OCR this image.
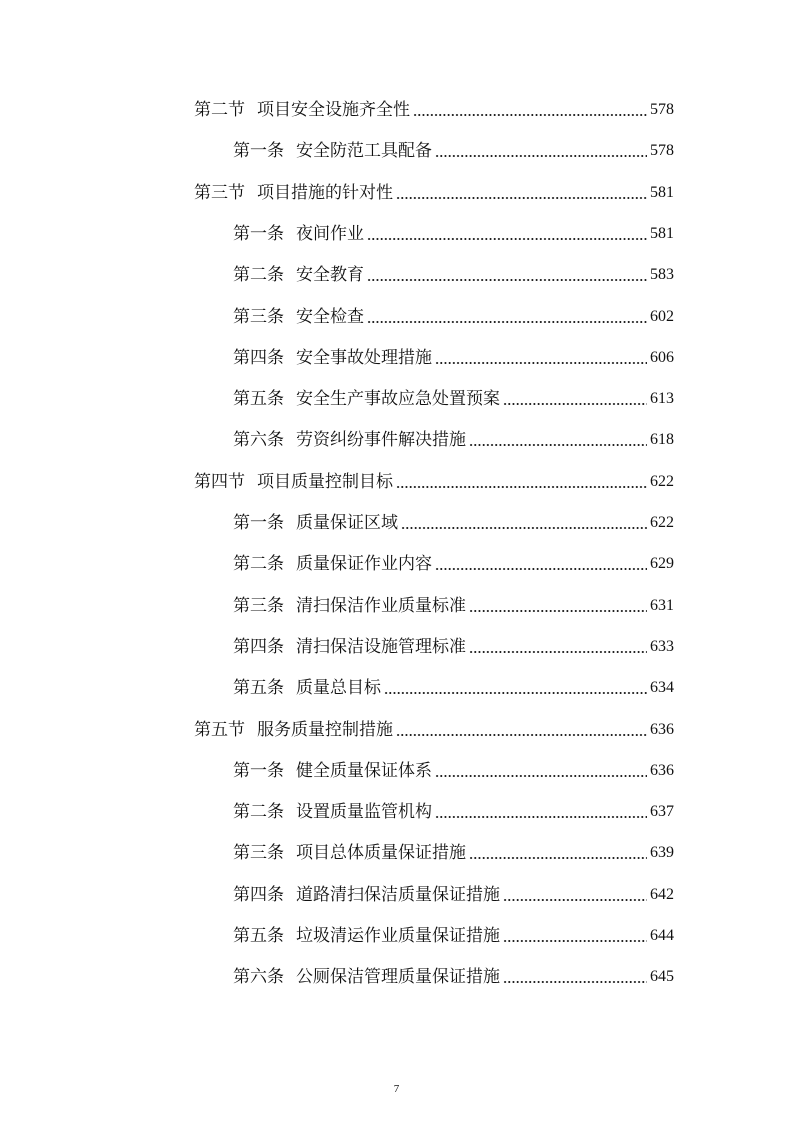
第二节 项目安全设施齐全性	578
第一条 安全防范工具配备	578
第三节 项目措施的针对性	581
第一条 夜间作业	581
第二条 安全教育	583
第三条 安全检查	602
第四条 安全事故处理措施	606
第五条 安全生产事故应急处置预案	613
第六条 劳资纠纷事件解决措施	618
第四节 项目质量控制目标	622
第一条 质量保证区域	622
第二条 质量保证作业内容	629
第三条 清扫保洁作业质量标准	631
第四条 清扫保洁设施管理标准	633
第五条 质量总目标	634
第五节 服务质量控制措施	636
第一条 健全质量保证体系	636
第二条 设置质量监管机构	637
第三条 项目总体质量保证措施	639
第四条 道路清扫保洁质量保证措施	642
第五条 垃圾清运作业质量保证措施	644
第六条 公厕保洁管理质量保证措施	645
7
